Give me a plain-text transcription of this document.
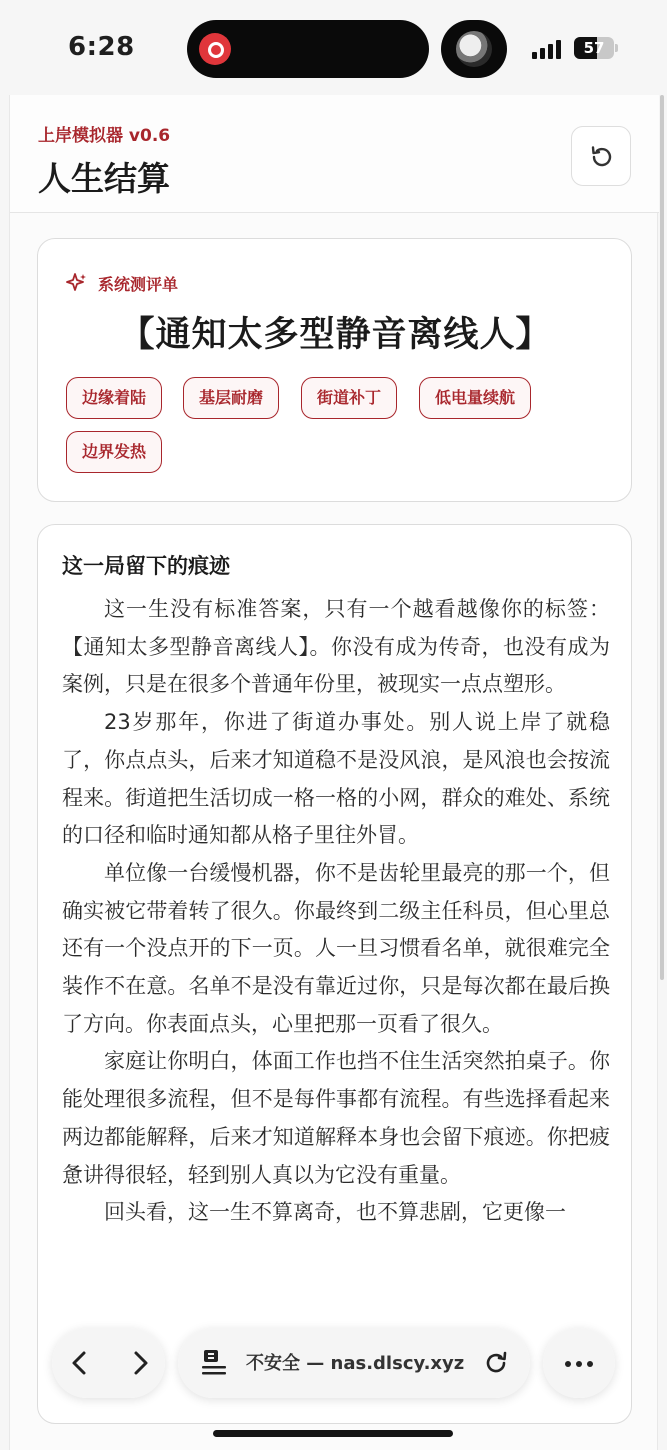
6:28	57
上岸模拟器 v0.6
人生结算
系统测评单
【通知太多型静音离线人】
边缘着陆	基层耐磨	街道补丁	低电量续航
边界发热
这一局留下的痕迹

这一生没有标准答案，只有一个越看越像你的标签：【通知太多型静音离线人】。你没有成为传奇，也没有成为案例，只是在很多个普通年份里，被现实一点点塑形。

23岁那年，你进了街道办事处。别人说上岸了就稳了，你点点头，后来才知道稳不是没风浪，是风浪也会按流程来。街道把生活切成一格一格的小网，群众的难处、系统的口径和临时通知都从格子里往外冒。

单位像一台缓慢机器，你不是齿轮里最亮的那一个，但确实被它带着转了很久。你最终到二级主任科员，但心里总还有一个没点开的下一页。人一旦习惯看名单，就很难完全装作不在意。名单不是没有靠近过你，只是每次都在最后换了方向。你表面点头，心里把那一页看了很久。

家庭让你明白，体面工作也挡不住生活突然拍桌子。你能处理很多流程，但不是每件事都有流程。有些选择看起来两边都能解释，后来才知道解释本身也会留下痕迹。你把疲惫讲得很轻，轻到别人真以为它没有重量。

回头看，这一生不算离奇，也不算悲剧，它更像一

不安全 — nas.dlscy.xyz
